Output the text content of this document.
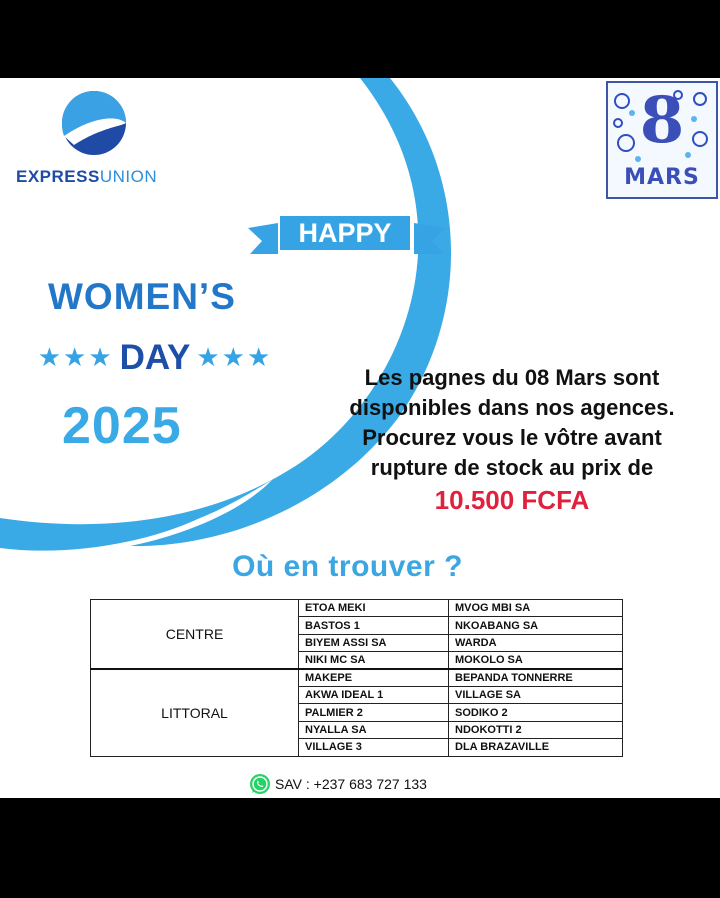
EXPRESSUNION
8
MARS
HAPPY
WOMEN’S
★★★ DAY ★★★
2025
Les pagnes du 08 Mars sont
disponibles dans nos agences.
Procurez vous le vôtre avant
rupture de stock au prix de
10.500 FCFA
Où en trouver ?
CENTRE	ETOA MEKI	MVOG MBI SA
	BASTOS 1	NKOABANG SA
	BIYEM ASSI SA	WARDA
	NIKI MC SA	MOKOLO SA
LITTORAL	MAKEPE	BEPANDA TONNERRE
	AKWA IDEAL 1	VILLAGE SA
	PALMIER 2	SODIKO 2
	NYALLA SA	NDOKOTTI 2
	VILLAGE 3	DLA BRAZAVILLE
SAV : +237 683 727 133
